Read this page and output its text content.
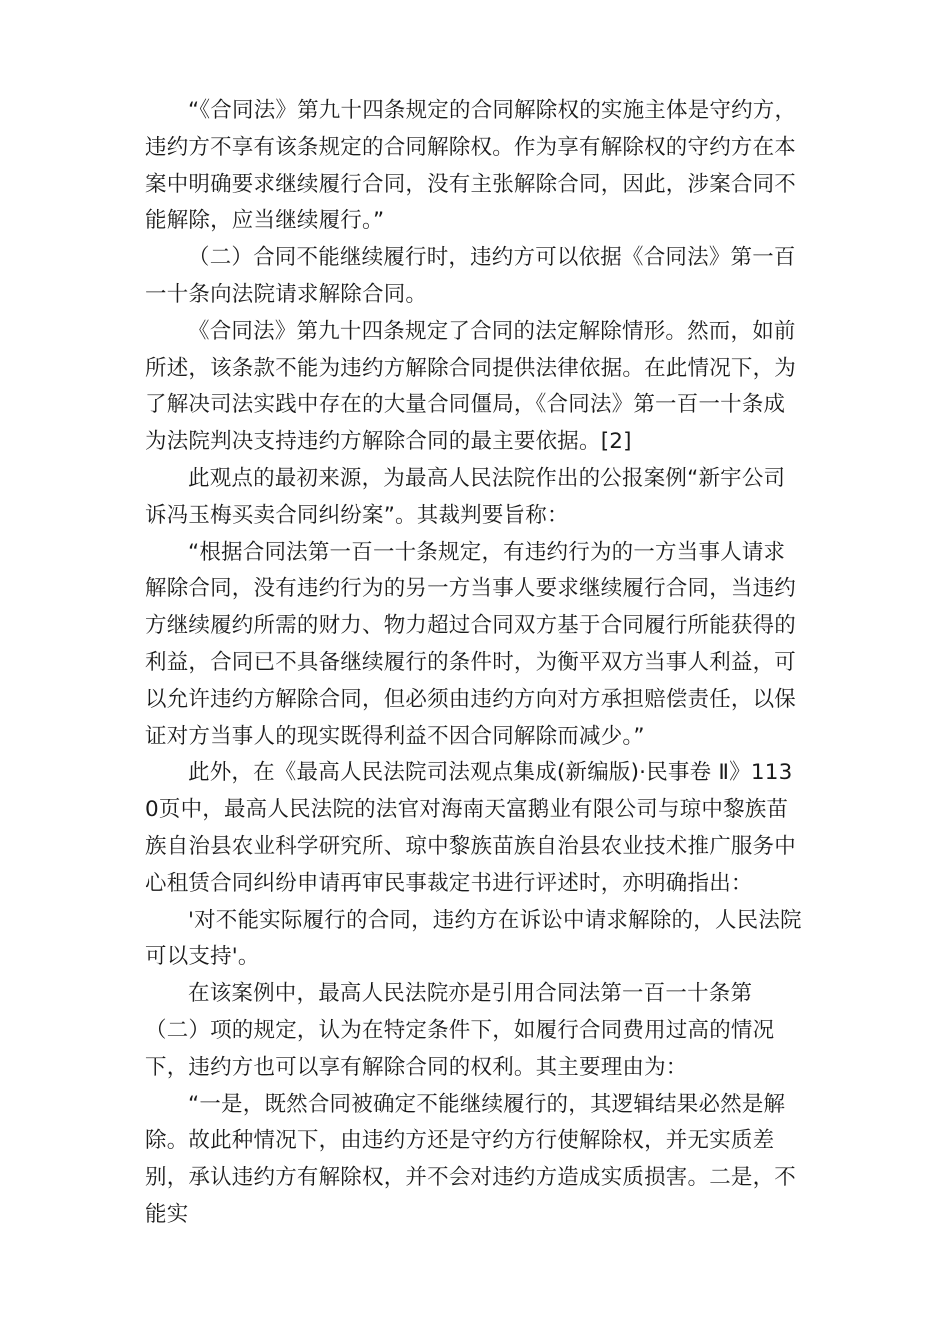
“《合同法》第九十四条规定的合同解除权的实施主体是守约方，违约方不享有该条规定的合同解除权。作为享有解除权的守约方在本案中明确要求继续履行合同，没有主张解除合同，因此，涉案合同不能解除，应当继续履行。”

（二）合同不能继续履行时，违约方可以依据《合同法》第一百一十条向法院请求解除合同。

《合同法》第九十四条规定了合同的法定解除情形。然而，如前所述，该条款不能为违约方解除合同提供法律依据。在此情况下，为了解决司法实践中存在的大量合同僵局，《合同法》第一百一十条成为法院判决支持违约方解除合同的最主要依据。[2]

此观点的最初来源，为最高人民法院作出的公报案例“新宇公司诉冯玉梅买卖合同纠纷案”。其裁判要旨称：

“根据合同法第一百一十条规定，有违约行为的一方当事人请求解除合同，没有违约行为的另一方当事人要求继续履行合同，当违约方继续履约所需的财力、物力超过合同双方基于合同履行所能获得的利益，合同已不具备继续履行的条件时，为衡平双方当事人利益，可以允许违约方解除合同，但必须由违约方向对方承担赔偿责任，以保证对方当事人的现实既得利益不因合同解除而减少。”

此外，在《最高人民法院司法观点集成(新编版)·民事卷 Ⅱ》1130页中，最高人民法院的法官对海南天富鹅业有限公司与琼中黎族苗族自治县农业科学研究所、琼中黎族苗族自治县农业技术推广服务中心租赁合同纠纷申请再审民事裁定书进行评述时，亦明确指出：

'对不能实际履行的合同，违约方在诉讼中请求解除的，人民法院可以支持'。

在该案例中，最高人民法院亦是引用合同法第一百一十条第（二）项的规定，认为在特定条件下，如履行合同费用过高的情况下，违约方也可以享有解除合同的权利。其主要理由为：

“一是，既然合同被确定不能继续履行的，其逻辑结果必然是解除。故此种情况下，由违约方还是守约方行使解除权，并无实质差别，承认违约方有解除权，并不会对违约方造成实质损害。二是，不能实
